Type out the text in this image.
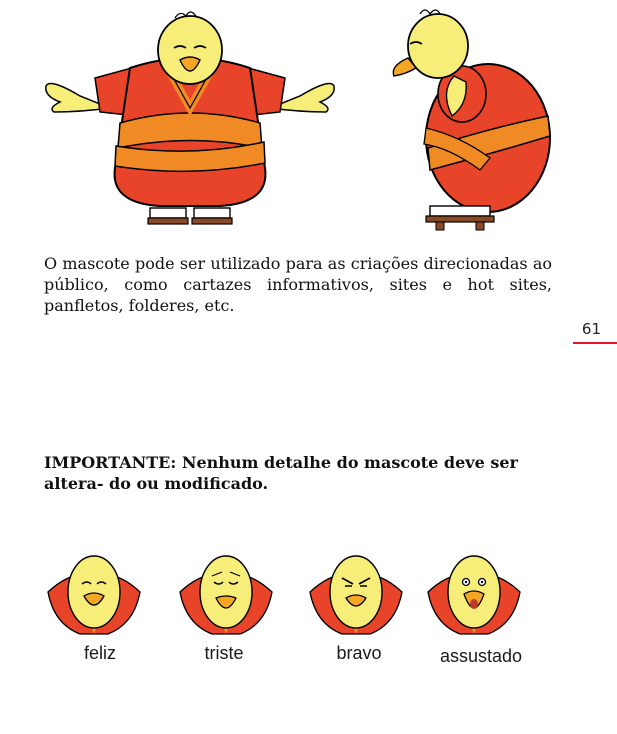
O mascote pode ser utilizado para as criações direcionadas ao público, como cartazes informativos, sites e hot sites, panfletos, folderes, etc.

61

IMPORTANTE: Nenhum detalhe do mascote deve ser altera- do ou modificado.

feliz	triste	bravo	assustado
